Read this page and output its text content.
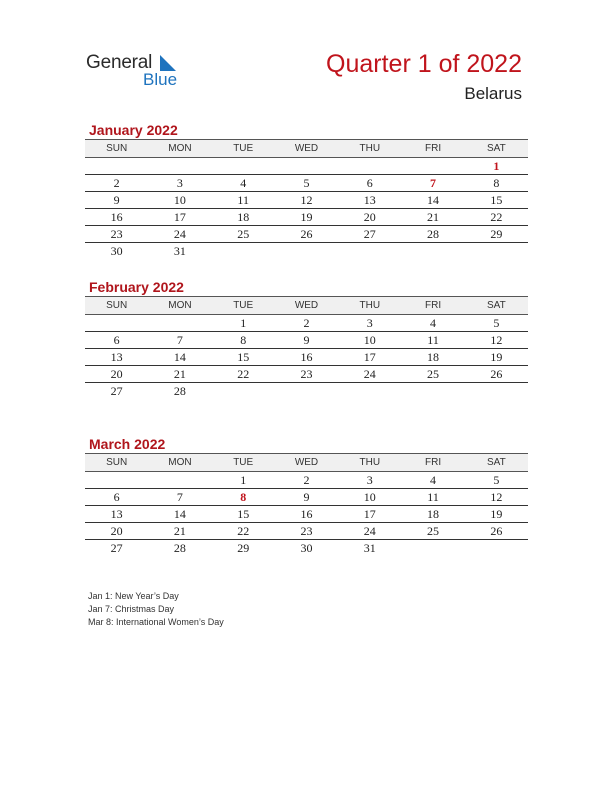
General
Blue
Quarter 1 of 2022
Belarus
January 2022
SUN	MON	TUE	WED	THU	FRI	SAT
						1
2	3	4	5	6	7	8
9	10	11	12	13	14	15
16	17	18	19	20	21	22
23	24	25	26	27	28	29
30	31					
February 2022
SUN	MON	TUE	WED	THU	FRI	SAT
		1	2	3	4	5
6	7	8	9	10	11	12
13	14	15	16	17	18	19
20	21	22	23	24	25	26
27	28					
March 2022
SUN	MON	TUE	WED	THU	FRI	SAT
		1	2	3	4	5
6	7	8	9	10	11	12
13	14	15	16	17	18	19
20	21	22	23	24	25	26
27	28	29	30	31		
Jan 1: New Year’s Day
Jan 7: Christmas Day
Mar 8: International Women’s Day
